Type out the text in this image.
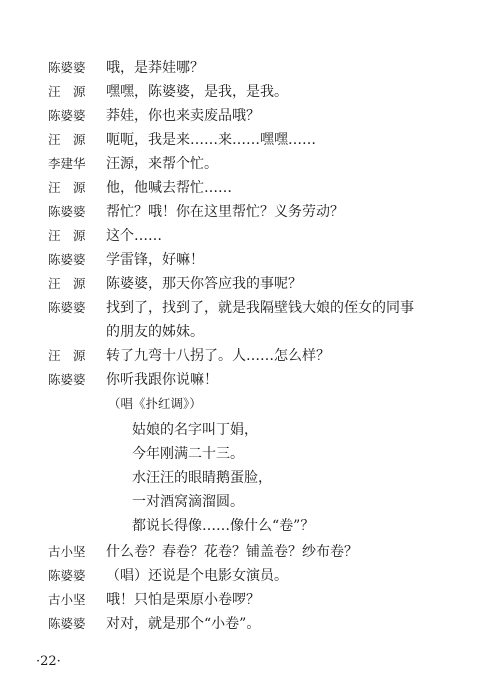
陈婆婆	哦，是莽娃哪？
汪　源	嘿嘿，陈婆婆，是我，是我。
陈婆婆	莽娃，你也来卖废品哦？
汪　源	呃呃，我是来……来……嘿嘿……
李建华	汪源，来帮个忙。
汪　源	他，他喊去帮忙……
陈婆婆	帮忙？哦！你在这里帮忙？义务劳动？
汪　源	这个……
陈婆婆	学雷锋，好嘛！
汪　源	陈婆婆，那天你答应我的事呢？
陈婆婆	找到了，找到了，就是我隔壁钱大娘的侄女的同事
的朋友的姊妹。
汪　源	转了九弯十八拐了。人……怎么样？
陈婆婆	你听我跟你说嘛！
（唱《扑红调》）
姑娘的名字叫丁娟，
今年刚满二十三。
水汪汪的眼睛鹅蛋脸，
一对酒窝滴溜圆。
都说长得像……像什么“卷”？
古小坚	什么卷？春卷？花卷？铺盖卷？纱布卷？
陈婆婆	（唱）还说是个电影女演员。
古小坚	哦！只怕是栗原小卷啰？
陈婆婆	对对，就是那个“小卷”。
·22·
